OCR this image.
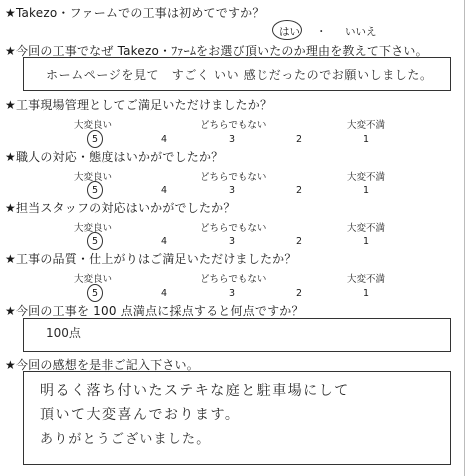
★Takezo・ファームでの工事は初めてですか？
はい ・ いいえ
★今回の工事でなぜ Takezo・ﾌｧｰﾑをお選び頂いたのか理由を教えて下さい。
ホームページを見て　すごく いい 感じだったのでお願いしました。
★工事現場管理としてご満足いただけましたか？
大変良い	どちらでもない	大変不満
5	4	3	2	1
★職人の対応・態度はいかがでしたか？
大変良い	どちらでもない	大変不満
5	4	3	2	1
★担当スタッフの対応はいかがでしたか？
大変良い	どちらでもない	大変不満
5	4	3	2	1
★工事の品質・仕上がりはご満足いただけましたか？
大変良い	どちらでもない	大変不満
5	4	3	2	1
★今回の工事を 100 点満点に採点すると何点ですか？
100点
★今回の感想を是非ご記入下さい。
明るく落ち付いたステキな庭と駐車場にして
頂いて大変喜んでおります。
ありがとうございました。
